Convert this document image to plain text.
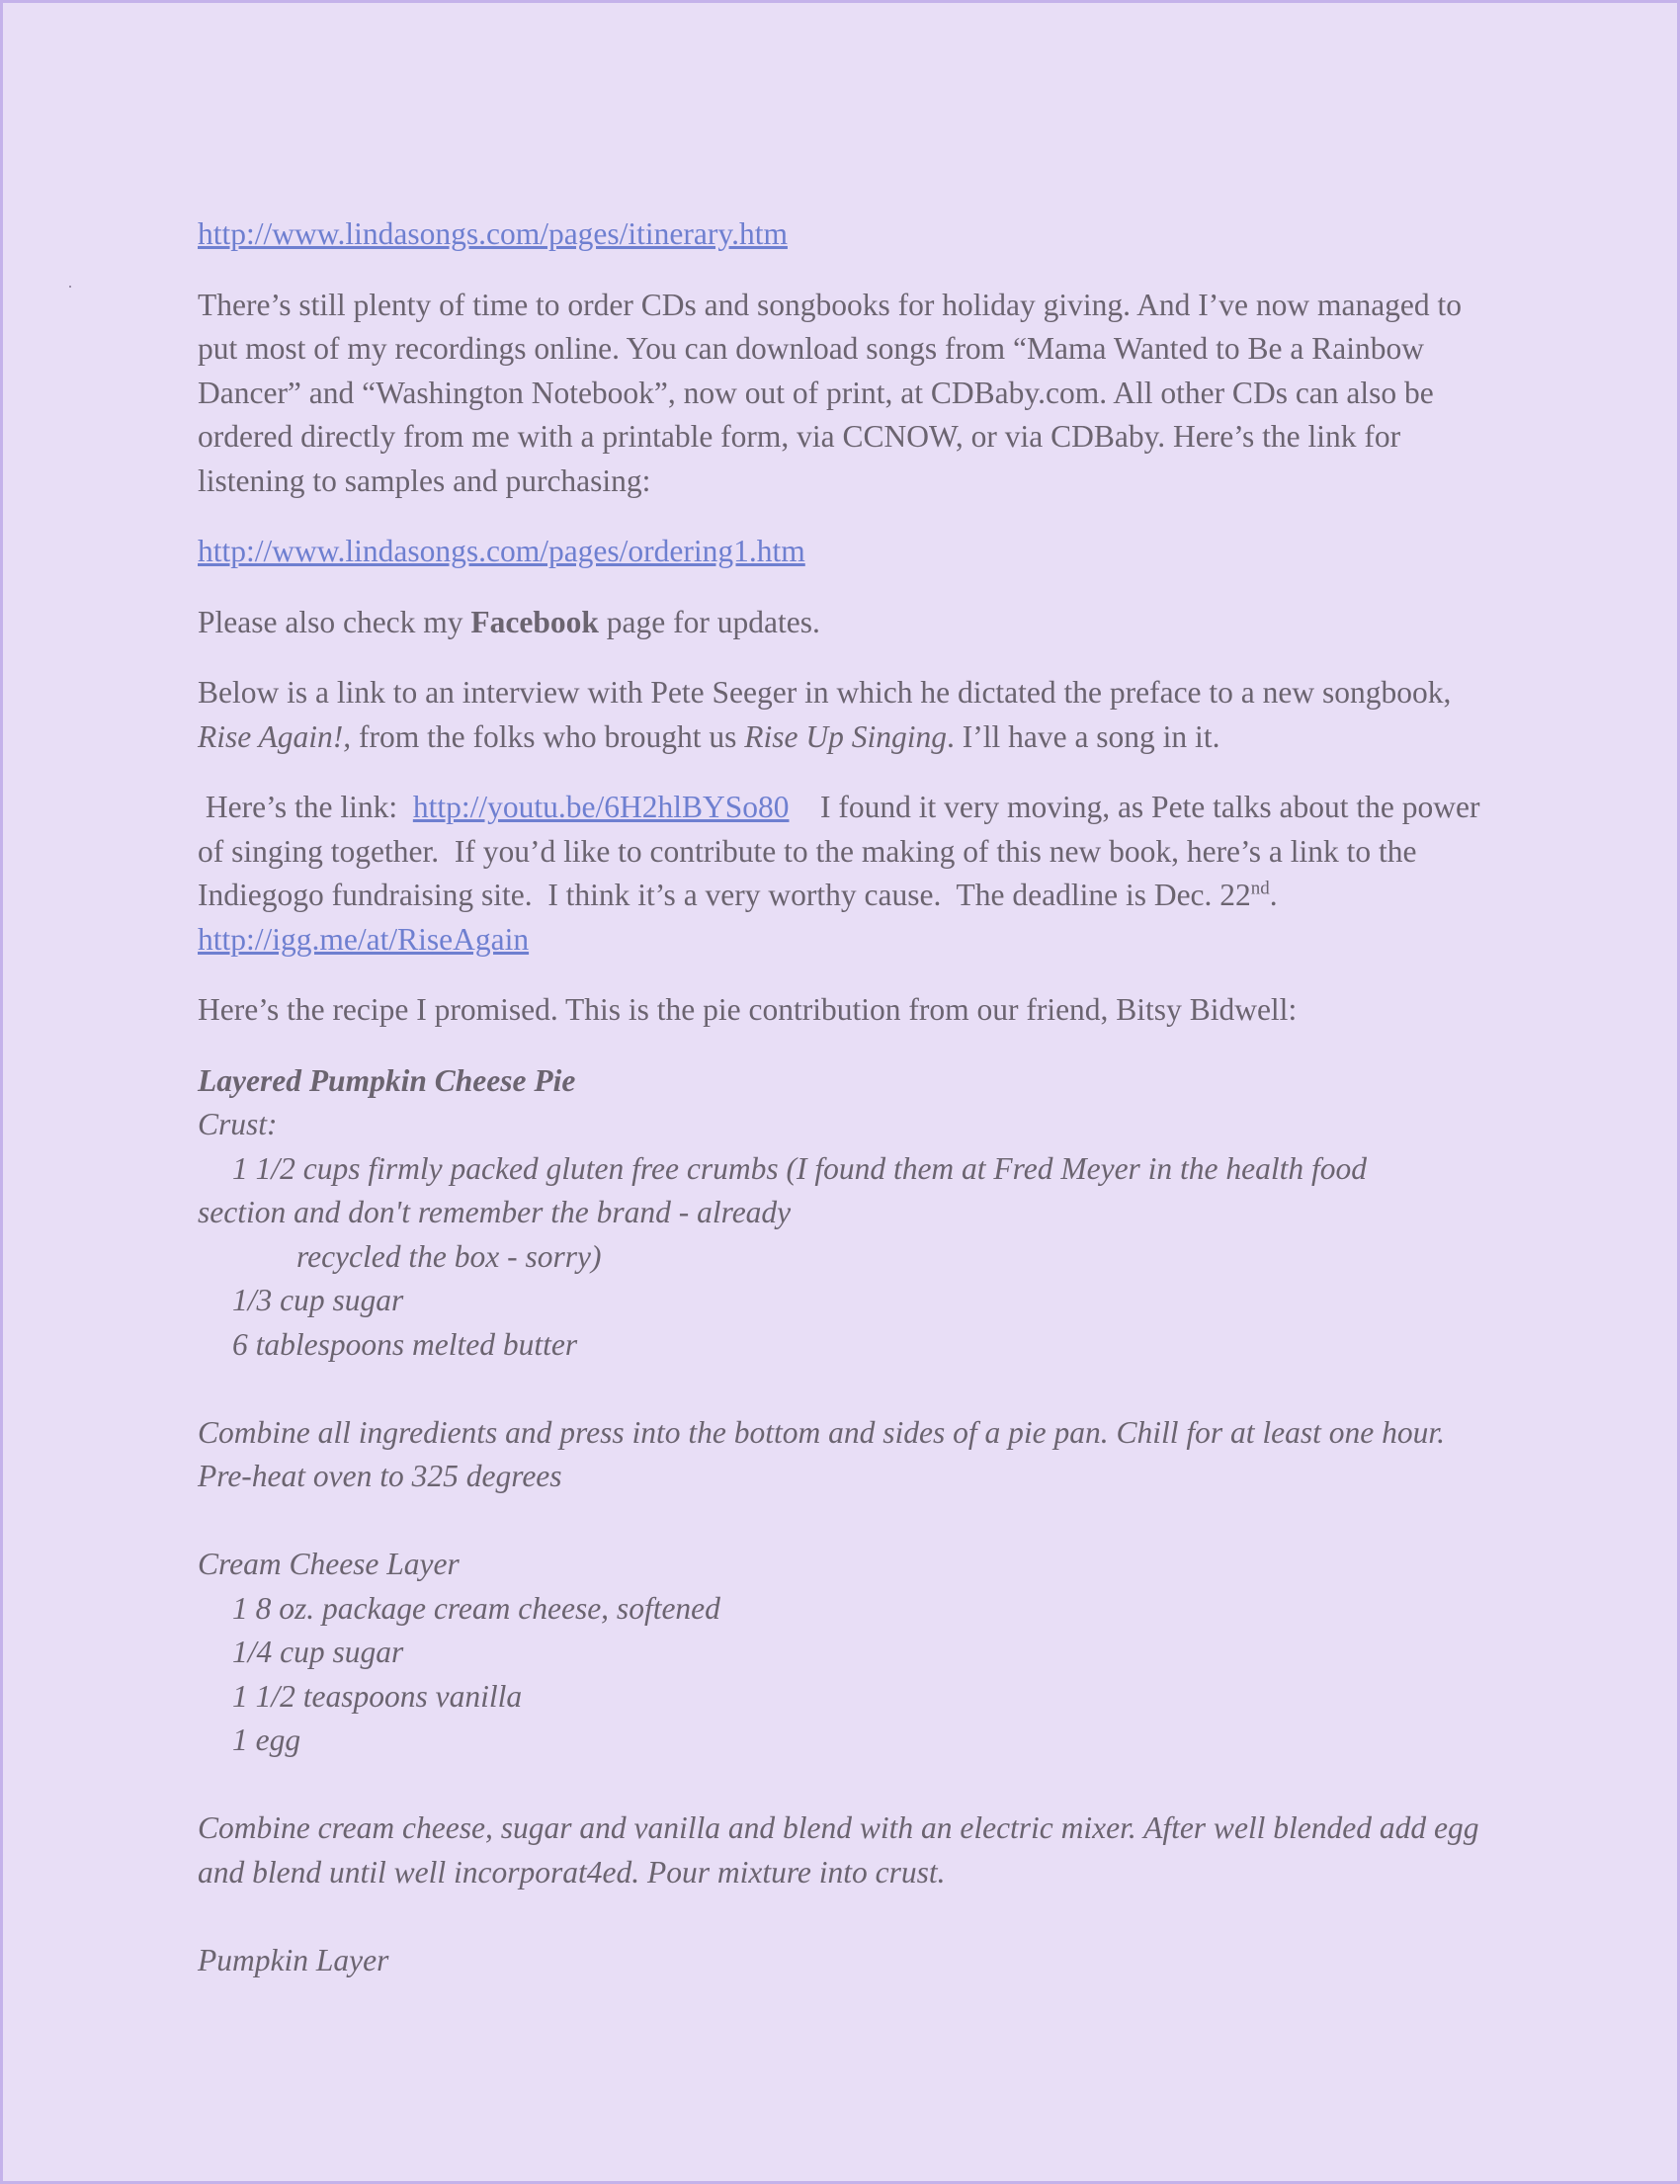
http://www.lindasongs.com/pages/itinerary.htm

There’s still plenty of time to order CDs and songbooks for holiday giving. And I’ve now managed to put most of my recordings online. You can download songs from “Mama Wanted to Be a Rainbow Dancer” and “Washington Notebook”, now out of print, at CDBaby.com. All other CDs can also be ordered directly from me with a printable form, via CCNOW, or via CDBaby. Here’s the link for listening to samples and purchasing:

http://www.lindasongs.com/pages/ordering1.htm

Please also check my Facebook page for updates.

Below is a link to an interview with Pete Seeger in which he dictated the preface to a new songbook, Rise Again!, from the folks who brought us Rise Up Singing. I’ll have a song in it.

Here’s the link:  http://youtu.be/6H2hlBYSo80    I found it very moving, as Pete talks about the power of singing together.  If you’d like to contribute to the making of this new book, here’s a link to the Indiegogo fundraising site.  I think it’s a very worthy cause.  The deadline is Dec. 22nd.   http://igg.me/at/RiseAgain

Here’s the recipe I promised. This is the pie contribution from our friend, Bitsy Bidwell:

Layered Pumpkin Cheese Pie
Crust:
1 1/2 cups firmly packed gluten free crumbs (I found them at Fred Meyer in the health food
section and don't remember the brand - already
recycled the box - sorry)
1/3 cup sugar
6 tablespoons melted butter
Combine all ingredients and press into the bottom and sides of a pie pan. Chill for at least one hour. Pre-heat oven to 325 degrees
Cream Cheese Layer
1 8 oz. package cream cheese, softened
1/4 cup sugar
1 1/2 teaspoons vanilla
1 egg
Combine cream cheese, sugar and vanilla and blend with an electric mixer. After well blended add egg and blend until well incorporat4ed. Pour mixture into crust.
Pumpkin Layer
